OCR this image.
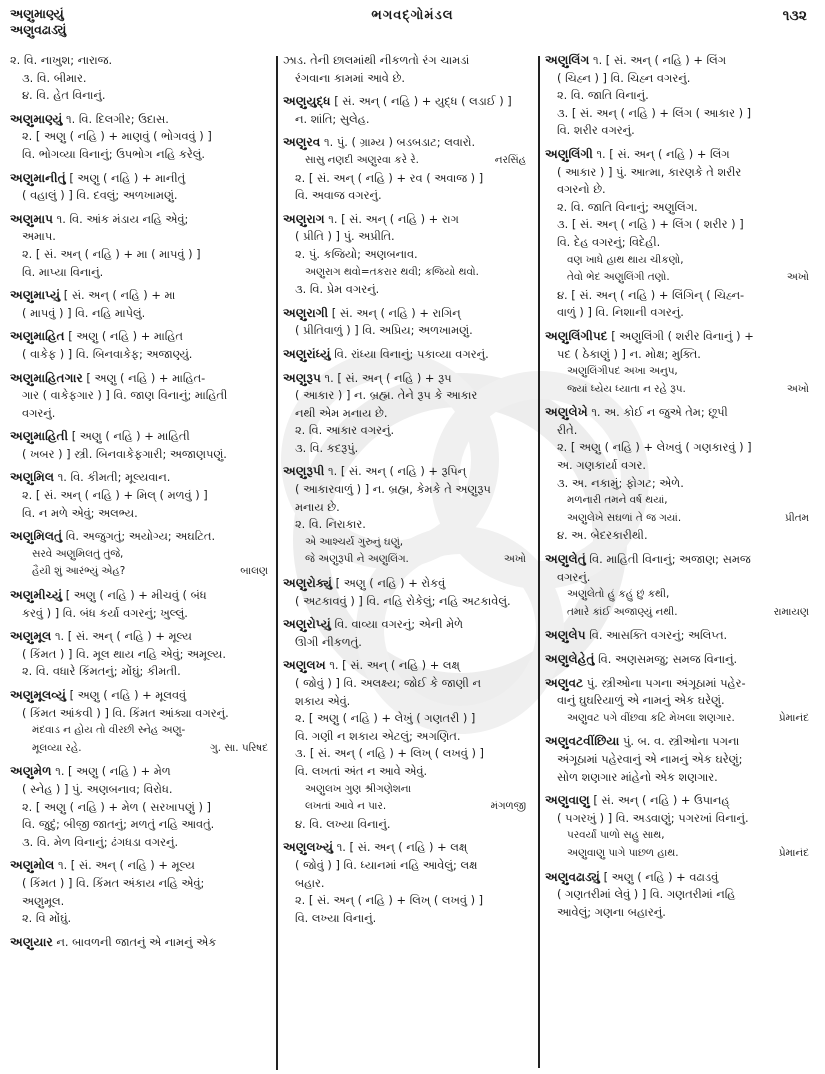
અણુમાણ્યું
અણુવઢાડ્યું
ભગવદ્ગોમંડલ	૧૩૨
૨. વિ. નાખુશ; નારાજ.
૩. વિ. બીમાર.
૪. વિ. હેત વિનાનું.
અણુમાણ્યું ૧. વિ. દિલગીર; ઉદાસ.
૨. [ અણુ ( નહિ ) + માણવું ( ભોગવવું ) ]
વિ. ભોગવ્યા વિનાનું; ઉપભોગ નહિ કરેલું.
અણુમાનીતું [ અણુ ( નહિ ) + માનીતું
( વહાલું ) ] વિ. દવલું; અળખામણું.
અણુમાપ ૧. વિ. આંક મંડાય નહિ એવું;
અમાપ.
૨. [ સં. અન્ ( નહિ ) + મા ( માપવું ) ]
વિ. માપ્યા વિનાનું.
અણુમાપ્યું [ સં. અન્ ( નહિ ) + મા
( માપવું ) ] વિ. નહિ માપેલું.
અણુમાહિત [ અણુ ( નહિ ) + માહિત
( વાકેફ ) ] વિ. બિનવાકેફ; અજાણ્યું.
અણુમાહિતગાર [ અણુ ( નહિ ) + માહિત-
ગાર ( વાકેફગાર ) ] વિ. જાણ વિનાનું; માહિતી
વગરનું.
અણુમાહિતી [ અણુ ( નહિ ) + માહિતી
( ખબર ) ] સ્ત્રી. બિનવાકેફગારી; અજાણપણું.
અણુમિલ ૧. વિ. કીમતી; મૂલ્યવાન.
૨. [ સં. અન્ ( નહિ ) + મિલ્ ( મળવું ) ]
વિ. ન મળે એવું; અલભ્ય.
અણુમિલતું વિ. અજુગતું; અયોગ્ય; અઘટિત.
સરવે અણુમિલતું તુંજે,
હૈયી શું આરંભ્યું એહ?	બાલણ
અણુમીચ્યું [ અણુ ( નહિ ) + મીચવું ( બંધ
કરવું ) ] વિ. બંધ કર્યા વગરનું; ખુલ્લું.
અણુમૂલ ૧. [ સં. અન્ ( નહિ ) + મૂલ્ય
( કિંમત ) ] વિ. મૂલ થાય નહિ એવું; અમૂલ્ય.
૨. વિ. વધારે કિંમતનું; મોંઘું; કીમતી.
અણુમૂલવ્યું [ અણુ ( નહિ ) + મૂલવવું
( કિંમત આંકવી ) ] વિ. કિંમત આંક્યા વગરનું.
મંદવાડ ન હોય તો વીરછી સ્નેહ અણુ-
મૂલવ્યા રહે.	ગુ. સા. પરિષદ
અણુમેળ ૧. [ અણુ ( નહિ ) + મેળ
( સ્નેહ ) ] પું. અણબનાવ; વિરોધ.
૨. [ અણુ ( નહિ ) + મેળ ( સરખાપણું ) ]
વિ. જુદું; બીજી જાતનું; મળતું નહિ આવતું.
૩. વિ. મેળ વિનાનું; ઢંગધડા વગરનું.
અણુમોલ ૧. [ સં. અન્ ( નહિ ) + મૂલ્ય
( કિંમત ) ] વિ. કિંમત અંકાય નહિ એવું;
અણુમૂલ.
૨. વિ મોંઘું.
અણુયાર ન. બાવળની જાતનું એ નામનું એક
ઝાડ. તેની છાલમાંથી નીકળતો રંગ ચામડાં
રંગવાના કામમાં આવે છે.
અણુયુદ્ધ [ સં. અન્ ( નહિ ) + યુદ્ધ ( લડાઈ ) ]
ન. શાંતિ; સુલેહ.
અણુરવ ૧. પું. ( ગ્રામ્ય ) બડબડાટ; લવારો.
સાસુ નણદી અણુરવા કરે રે.	નરસિંહ
૨. [ સં. અન્ ( નહિ ) + રવ ( અવાજ ) ]
વિ. અવાજ વગરનું.
અણુરાગ ૧. [ સં. અન્ ( નહિ ) + રાગ
( પ્રીતિ ) ] પું. અપ્રીતિ.
૨. પું. કજિયો; અણબનાવ.
અણુરાગ થવો=તકરાર થવી; કજિયો થવો.
૩. વિ. પ્રેમ વગરનું.
અણુરાગી [ સં. અન્ ( નહિ ) + રાગિન્
( પ્રીતિવાળું ) ] વિ. અપ્રિય; અળખામણું.
અણુરાંધ્યું વિ. રાંધ્યા વિનાનું; પકાવ્યા વગરનું.
અણુરૂપ ૧. [ સં. અન્ ( નહિ ) + રૂપ
( આકાર ) ] ન. બ્રહ્મ. તેને રૂપ કે આકાર
નથી એમ મનાય છે.
૨. વિ. આકાર વગરનું.
૩. વિ. કદરૂપું.
અણુરૂપી ૧. [ સં. અન્ ( નહિ ) + રૂપિન્
( આકારવાળું ) ] ન. બ્રહ્મ, કેમકે તે અણુરૂપ
મનાય છે.
૨. વિ. નિરાકાર.
એ આશ્ચર્ય ગુરુનું ઘણું,
જે અણુરૂપી ને અણુલિંગ.	અખો
અણુરોક્યું [ અણુ ( નહિ ) + રોકવું
( અટકાવવું ) ] વિ. નહિ રોકેલું; નહિ અટકાવેલું.
અણુરોપ્યું વિ. વાવ્યા વગરનું; એની મેળે
ઊગી નીકળતું.
અણુલખ ૧. [ સં. અન્ ( નહિ ) + લક્ષ્
( જોવું ) ] વિ. અલક્ષ્ય; જોઈ કે જાણી ન
શકાય એવું.
૨. [ અણુ ( નહિ ) + લેખું ( ગણતરી ) ]
વિ. ગણી ન શકાય એટલું; અગણિત.
૩. [ સં. અન્ ( નહિ ) + લિખ્ ( લખવું ) ]
વિ. લખતાં અંત ન આવે એવું.
અણુલખ ગુણ શ્રીગણેશના
લખતાં આવે ન પાર.	મંગળજી
૪. વિ. લખ્યા વિનાનું.
અણુલખ્યું ૧. [ સં. અન્ ( નહિ ) + લક્ષ્
( જોવું ) ] વિ. ધ્યાનમાં નહિ આવેલું; લક્ષ
બહાર.
૨. [ સં. અન્ ( નહિ ) + લિખ્ ( લખવું ) ]
વિ. લખ્યા વિનાનું.
અણુલિંગ ૧. [ સં. અન્ ( નહિ ) + લિંગ
( ચિહ્ન ) ] વિ. ચિહ્ન વગરનું.
૨. વિ. જાતિ વિનાનું.
૩. [ સં. અન્ ( નહિ ) + લિંગ ( આકાર ) ]
વિ. શરીર વગરનું.
અણુલિંગી ૧. [ સં. અન્ ( નહિ ) + લિંગ
( આકાર ) ] પું. આત્મા, કારણકે તે શરીર
વગરનો છે.
૨. વિ. જાતિ વિનાનું; અણુલિંગ.
૩. [ સં. અન્ ( નહિ ) + લિંગ ( શરીર ) ]
વિ. દેહ વગરનું; વિદેહી.
વણ ખાધે હાથ થાય ચીકણો,
તેવો ભેદ અણુલિંગી તણો.	અખો
૪. [ સં. અન્ ( નહિ ) + લિંગિન્ ( ચિહ્ન-
વાળું ) ] વિ. નિશાની વગરનું.
અણુલિંગીપદ [ અણુલિંગી ( શરીર વિનાનું ) +
પદ ( ઠેકાણું ) ] ન. મોક્ષ; મુક્તિ.
અણુલિંગીપદ અખા અનુપ,
જ્યાં ધ્યેય ધ્યાતા ન રહે રૂપ.	અખો
અણુલેખે ૧. અ. કોઈ ન જુએ તેમ; છૂપી
રીતે.
૨. [ અણુ ( નહિ ) + લેખવું ( ગણકારવું ) ]
અ. ગણકાર્યા વગર.
૩. અ. નકામું; ફોગટ; એળે.
મળનારી તમને વર્ષ થયાં,
અણુલેખે સઘળાં તે જ ગયાં.	પ્રીતમ
૪. અ. બેદરકારીથી.
અણુલેતું વિ. માહિતી વિનાનું; અજાણ; સમજ
વગરનું.
અણુલેતો હું કહું છું કથી,
તમારે કાંઈ અજાણ્યું નથી.	રામાયણ
અણુલેપ વિ. આસક્તિ વગરનું; અલિપ્ત.
અણુલેહેતું વિ. અણસમજુ; સમજ વિનાનું.
અણુવટ પું. સ્ત્રીઓના પગના અંગૂઠામાં પહેર-
વાનું ઘુઘરિયાળું એ નામનું એક ઘરેણું.
અણુવટ પગે વીંછવા કટિ મેખલા શણગાર.	પ્રેમાનંદ
અણુવટવીંછિયા પું. બ. વ. સ્ત્રીઓના પગના
અંગૂઠામાં પહેરવાનું એ નામનું એક ઘરેણું;
સોળ શણગાર માંહેનો એક શણગાર.
અણુવાણુ [ સં. અન્ ( નહિ ) + ઉપાનહ્
( પગરખું ) ] વિ. અડવાણું; પગરખાં વિનાનું.
પરવર્યાં પાળો સહુ સાથ,
અણુવાણુ પાગે પાછળ હાથ.	પ્રેમાનંદ
અણુવઢાડ્યું [ અણુ ( નહિ ) + વઢાડવું
( ગણતરીમાં લેવું ) ] વિ. ગણતરીમાં નહિ
આવેલું; ગણના બહારનું.
